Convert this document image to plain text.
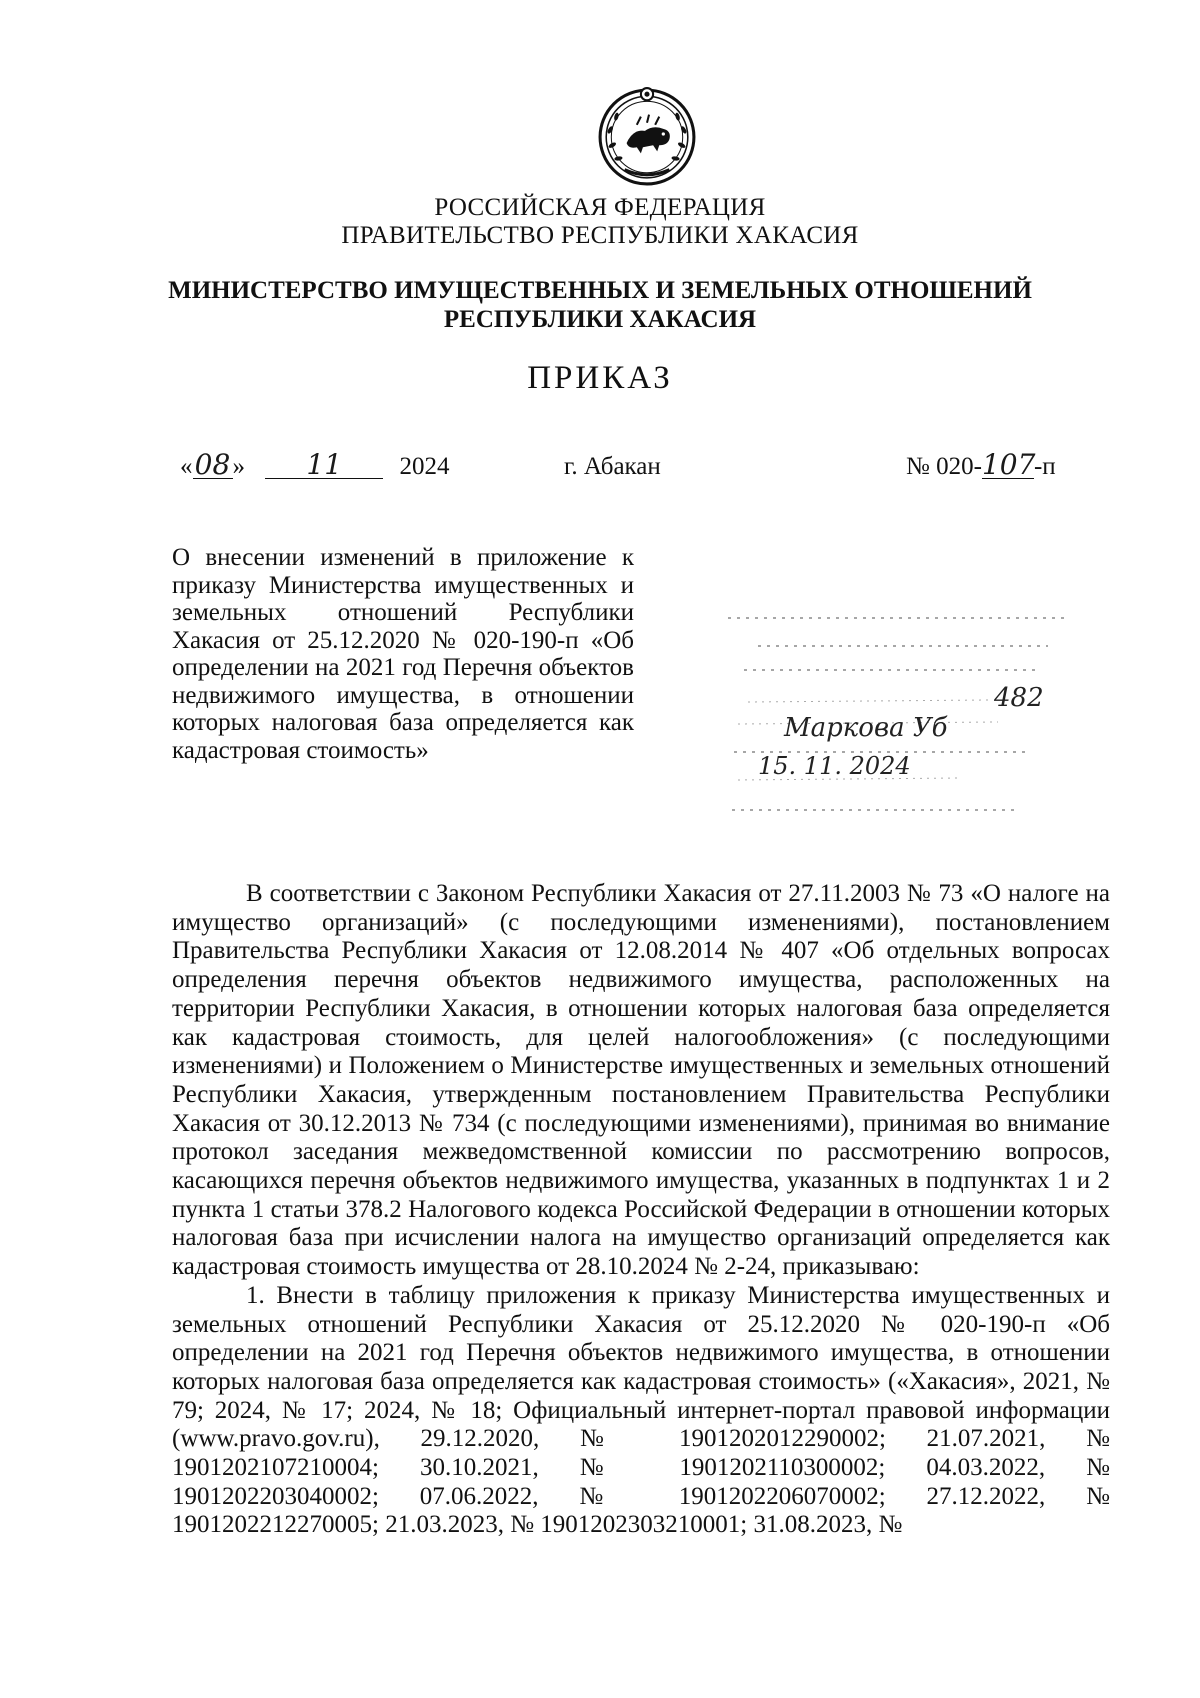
РОССИЙСКАЯ ФЕДЕРАЦИЯ
ПРАВИТЕЛЬСТВО РЕСПУБЛИКИ ХАКАСИЯ
МИНИСТЕРСТВО ИМУЩЕСТВЕННЫХ И ЗЕМЕЛЬНЫХ ОТНОШЕНИЙ
РЕСПУБЛИКИ ХАКАСИЯ
ПРИКАЗ
«08» 11 2024	г. Абакан	№ 020-107-п
О внесении изменений в приложение к приказу Министерства имущественных и земельных отношений Республики Хакасия от 25.12.2020 № 020-190-п «Об определении на 2021 год Перечня объектов недвижимого имущества, в отношении которых налоговая база определяется как кадастровая стоимость»
482
Маркова Уб
15. 11. 2024

В соответствии с Законом Республики Хакасия от 27.11.2003 № 73 «О налоге на имущество организаций» (с последующими изменениями), постановлением Правительства Республики Хакасия от 12.08.2014 № 407 «Об отдельных вопросах определения перечня объектов недвижимого имущества, расположенных на территории Республики Хакасия, в отношении которых налоговая база определяется как кадастровая стоимость, для целей налогообложения» (с последующими изменениями) и Положением о Министерстве имущественных и земельных отношений Республики Хакасия, утвержденным постановлением Правительства Республики Хакасия от 30.12.2013 № 734 (с последующими изменениями), принимая во внимание протокол заседания межведомственной комиссии по рассмотрению вопросов, касающихся перечня объектов недвижимого имущества, указанных в подпунктах 1 и 2 пункта 1 статьи 378.2 Налогового кодекса Российской Федерации в отношении которых налоговая база при исчислении налога на имущество организаций определяется как кадастровая стоимость имущества от 28.10.2024 № 2-24, приказываю:

1. Внести в таблицу приложения к приказу Министерства имущественных и земельных отношений Республики Хакасия от 25.12.2020 № 020-190-п «Об определении на 2021 год Перечня объектов недвижимого имущества, в отношении которых налоговая база определяется как кадастровая стоимость» («Хакасия», 2021, № 79; 2024, № 17; 2024, № 18; Официальный интернет-портал правовой информации (www.pravo.gov.ru), 29.12.2020, № 1901202012290002; 21.07.2021, № 1901202107210004; 30.10.2021, № 1901202110300002; 04.03.2022, № 1901202203040002; 07.06.2022, № 1901202206070002; 27.12.2022, № 1901202212270005; 21.03.2023, № 1901202303210001; 31.08.2023, №
